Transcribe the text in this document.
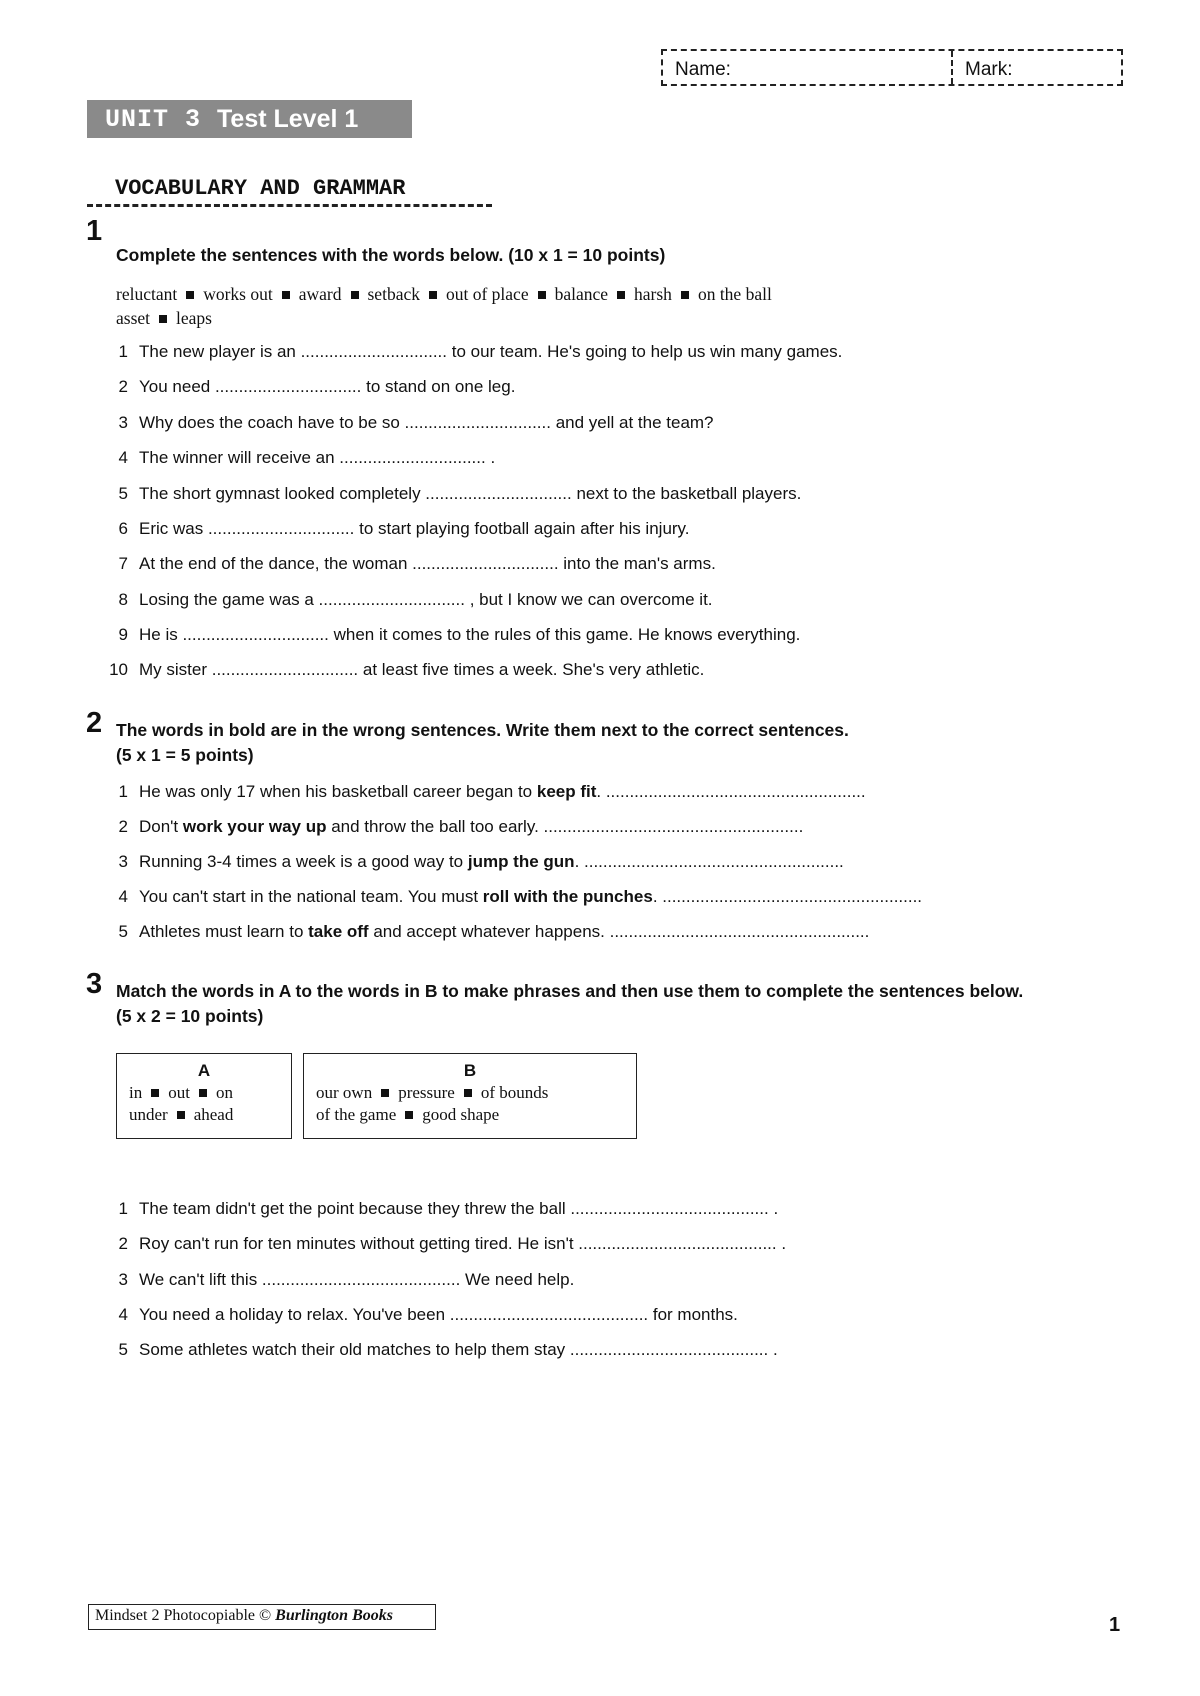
Name:	Mark:
UNIT 3 Test Level 1
VOCABULARY AND GRAMMAR
1
Complete the sentences with the words below. (10 x 1 = 10 points)
reluctant works out award setback out of place balance harsh on the ball
asset leaps
1 The new player is an ............................... to our team. He's going to help us win many games.
2 You need ............................... to stand on one leg.
3 Why does the coach have to be so ............................... and yell at the team?
4 The winner will receive an ............................... .
5 The short gymnast looked completely ............................... next to the basketball players.
6 Eric was ............................... to start playing football again after his injury.
7 At the end of the dance, the woman ............................... into the man's arms.
8 Losing the game was a ............................... , but I know we can overcome it.
9 He is ............................... when it comes to the rules of this game. He knows everything.
10 My sister ............................... at least five times a week. She's very athletic.
2 The words in bold are in the wrong sentences. Write them next to the correct sentences.
(5 x 1 = 5 points)
1 He was only 17 when his basketball career began to keep fit. .......................................................
2 Don't work your way up and throw the ball too early. .......................................................
3 Running 3-4 times a week is a good way to jump the gun. .......................................................
4 You can't start in the national team. You must roll with the punches. .......................................................
5 Athletes must learn to take off and accept whatever happens. .......................................................
3 Match the words in A to the words in B to make phrases and then use them to complete the sentences below.
(5 x 2 = 10 points)
A
in out on
under ahead
B
our own pressure of bounds
of the game good shape
1 The team didn't get the point because they threw the ball .......................................... .
2 Roy can't run for ten minutes without getting tired. He isn't .......................................... .
3 We can't lift this .......................................... We need help.
4 You need a holiday to relax. You've been .......................................... for months.
5 Some athletes watch their old matches to help them stay .......................................... .
Mindset 2 Photocopiable © Burlington Books	1
